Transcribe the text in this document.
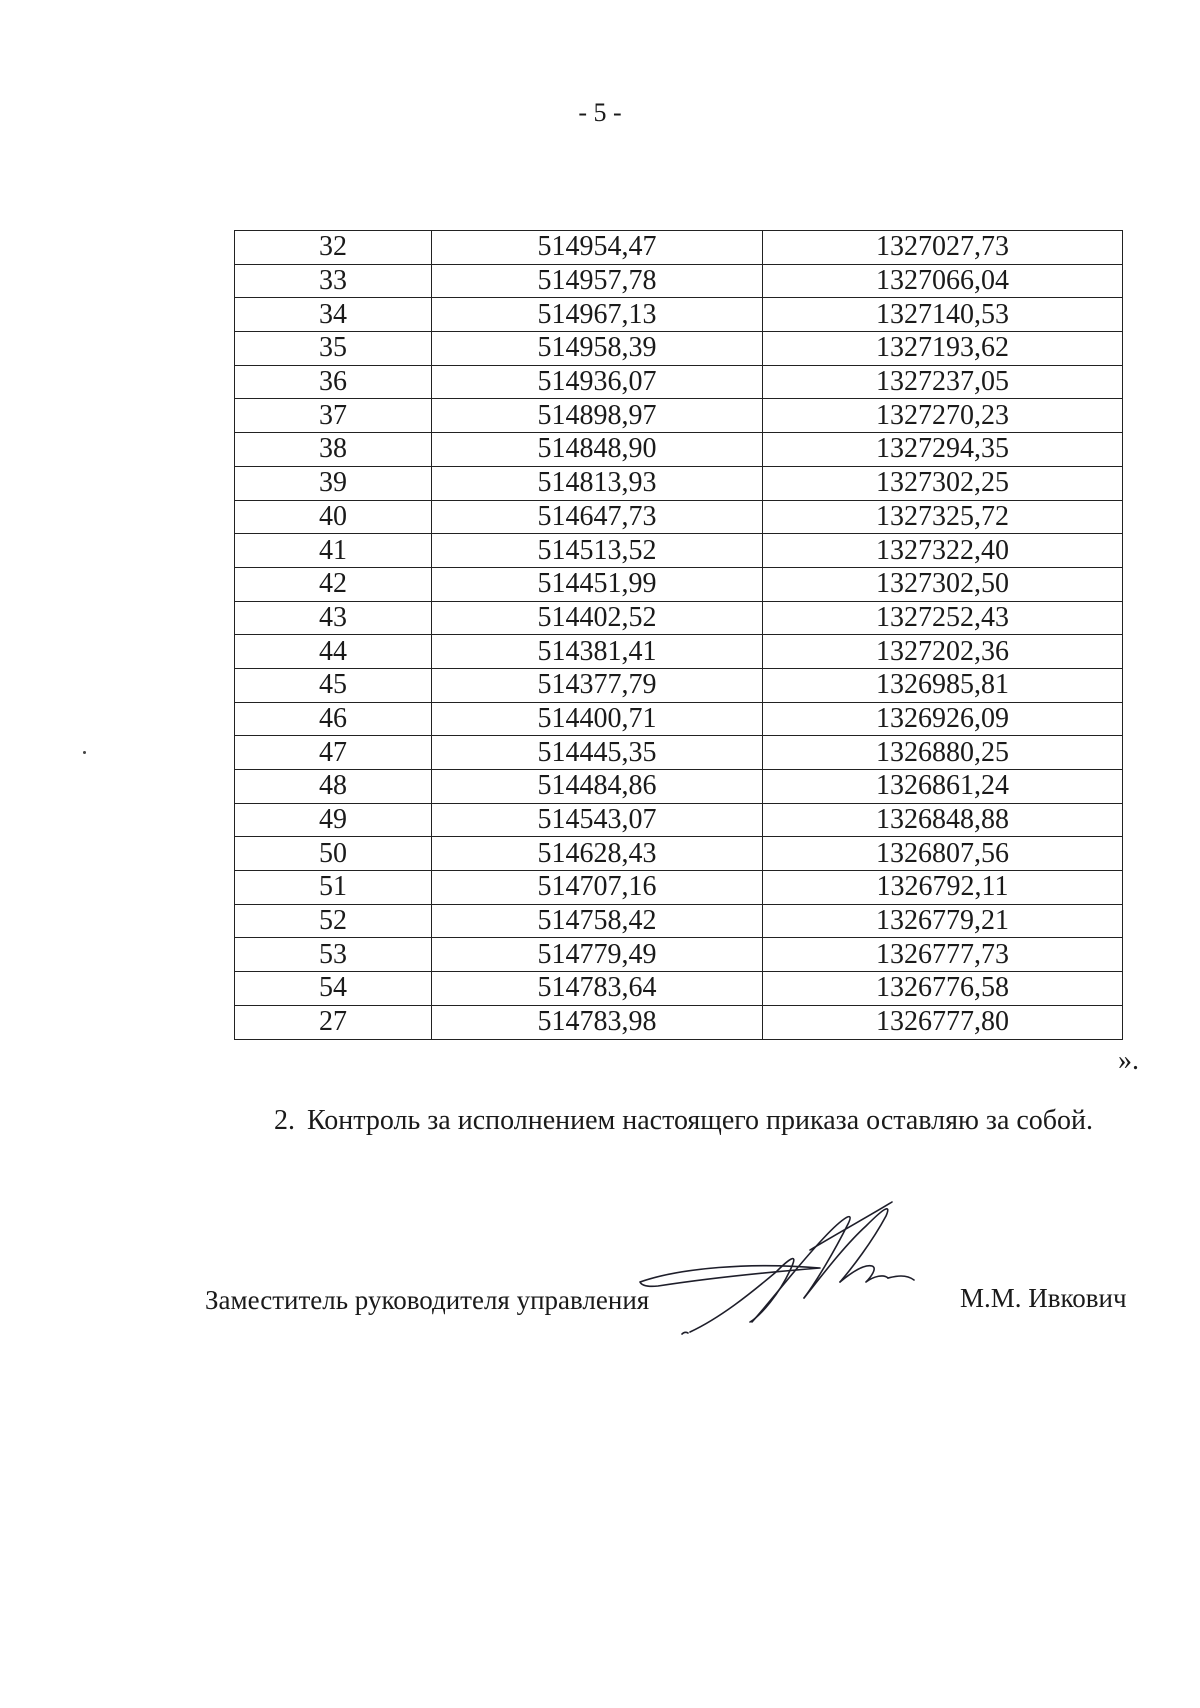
- 5 -
32	514954,47	1327027,73
33	514957,78	1327066,04
34	514967,13	1327140,53
35	514958,39	1327193,62
36	514936,07	1327237,05
37	514898,97	1327270,23
38	514848,90	1327294,35
39	514813,93	1327302,25
40	514647,73	1327325,72
41	514513,52	1327322,40
42	514451,99	1327302,50
43	514402,52	1327252,43
44	514381,41	1327202,36
45	514377,79	1326985,81
46	514400,71	1326926,09
47	514445,35	1326880,25
48	514484,86	1326861,24
49	514543,07	1326848,88
50	514628,43	1326807,56
51	514707,16	1326792,11
52	514758,42	1326779,21
53	514779,49	1326777,73
54	514783,64	1326776,58
27	514783,98	1326777,80
».
2. Контроль за исполнением настоящего приказа оставляю за собой.
Заместитель руководителя управления	М.М. Ивкович
